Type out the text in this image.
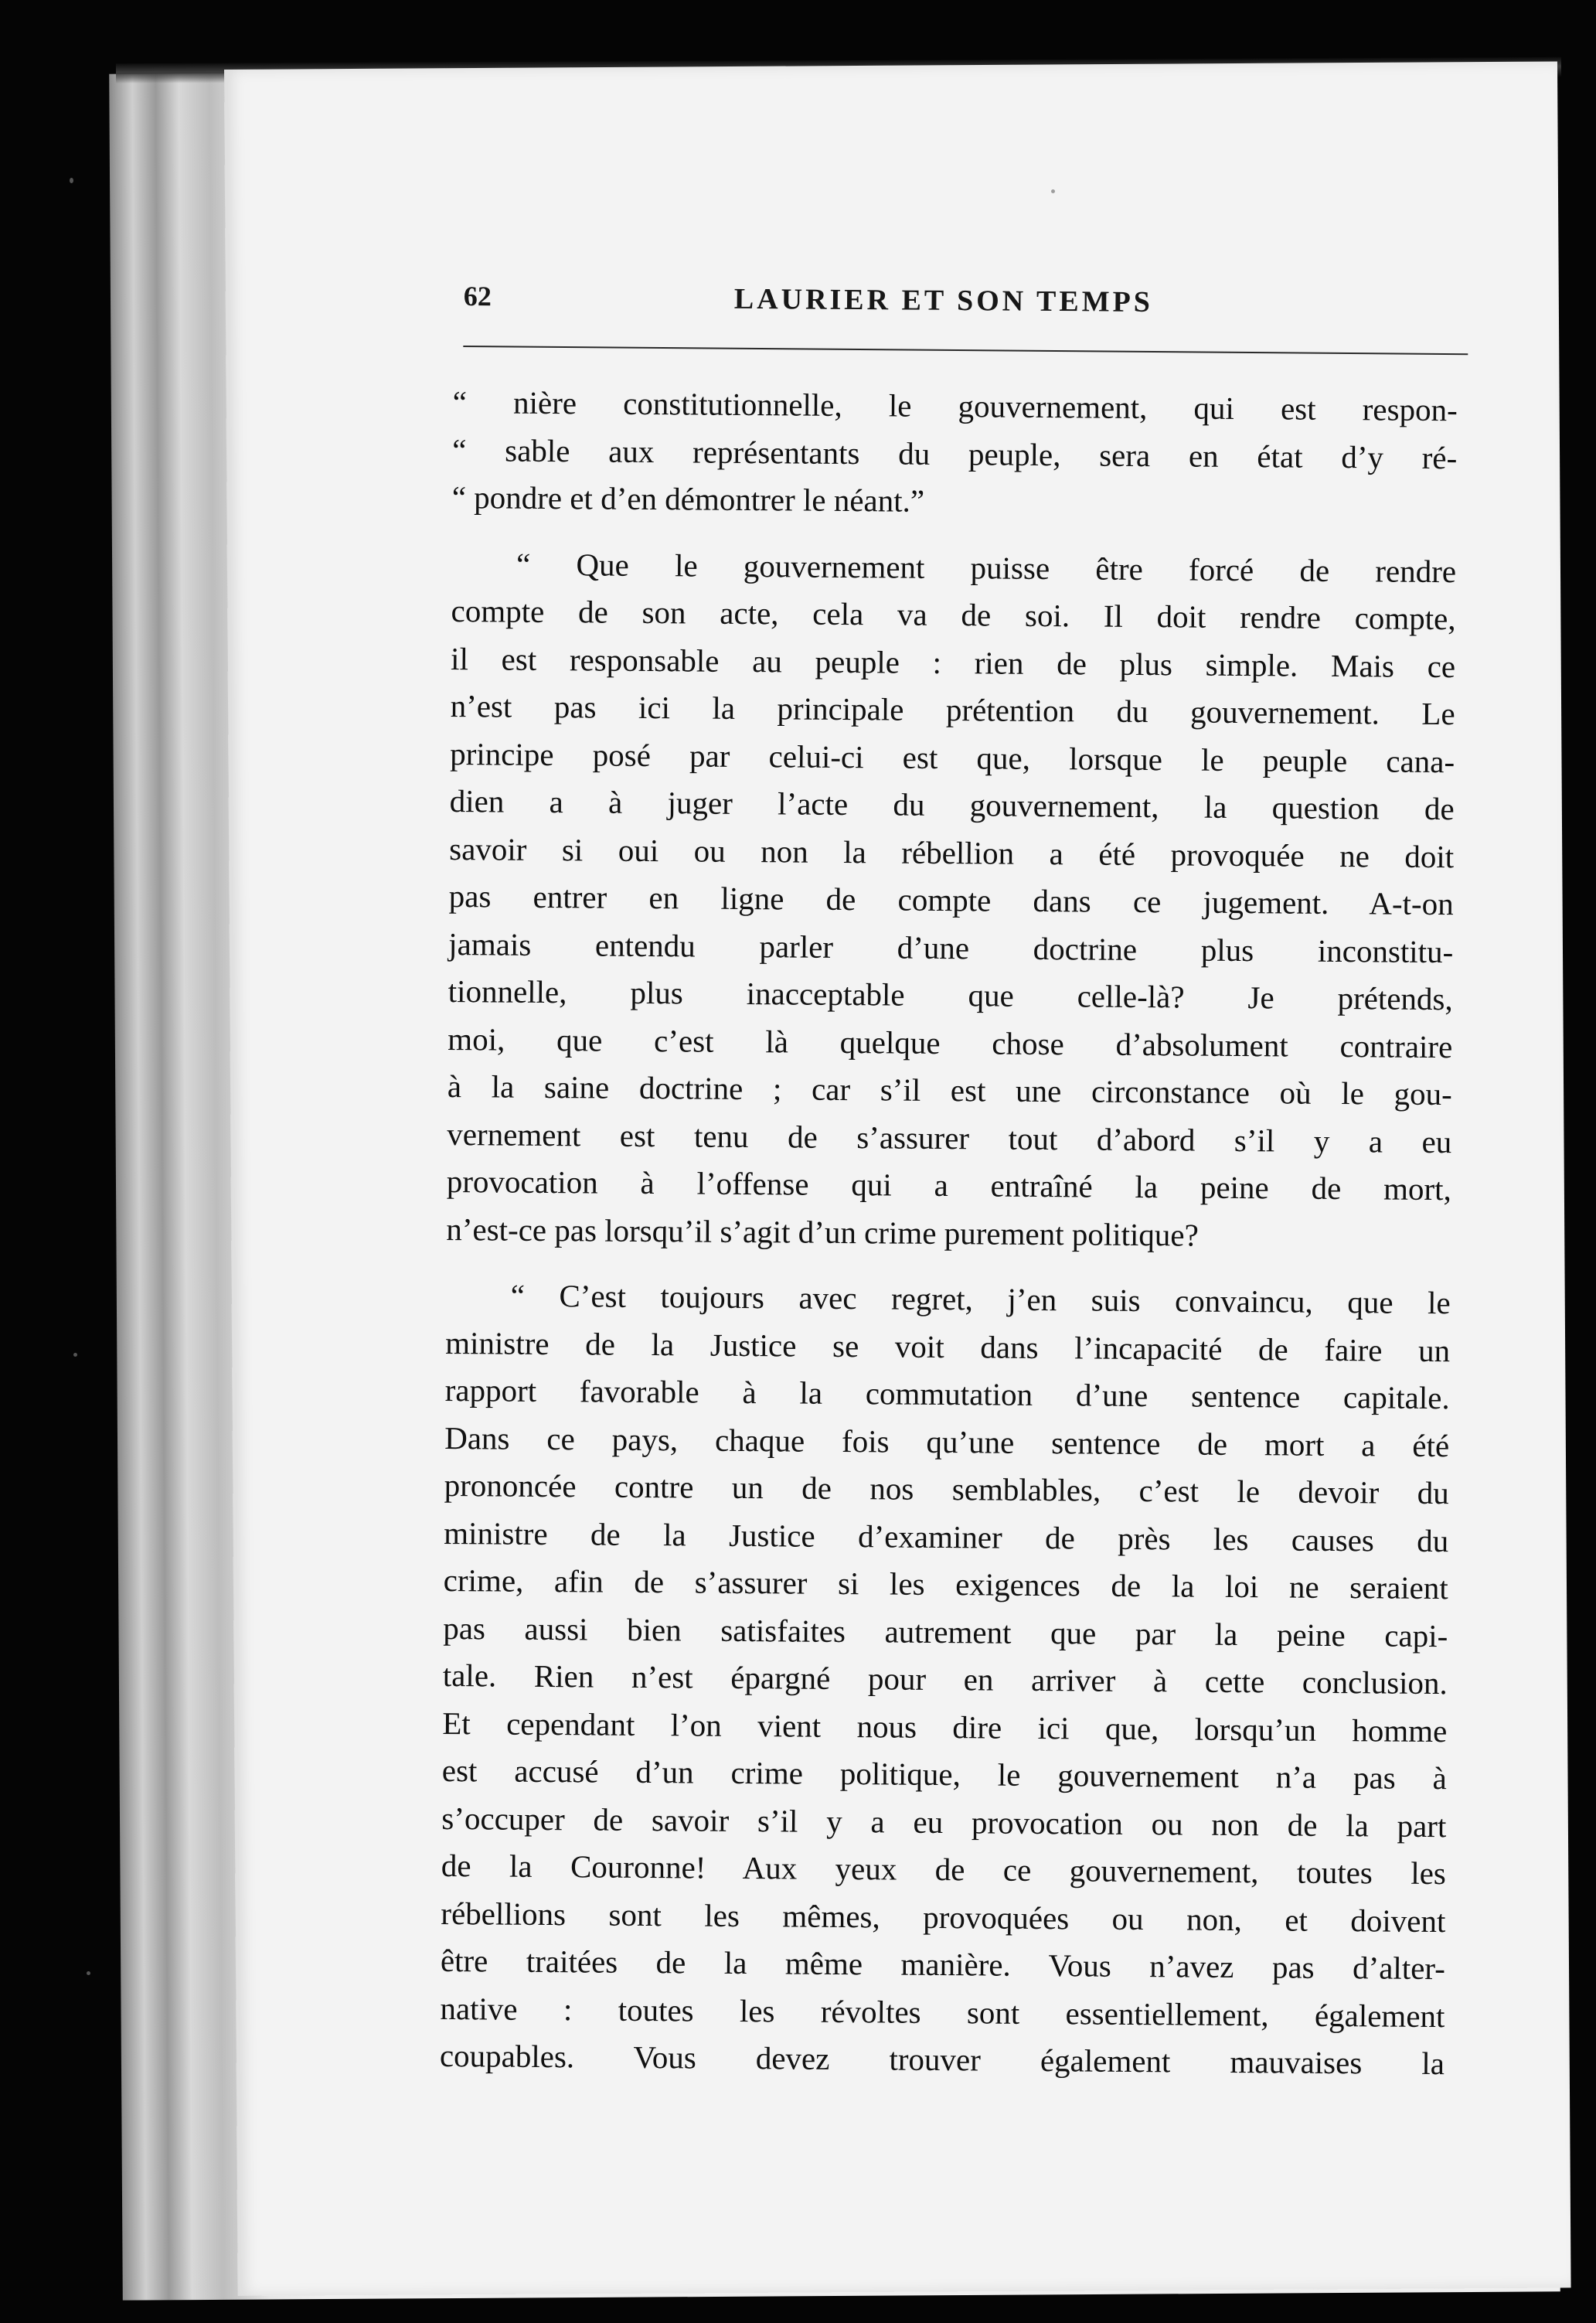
62	LAURIER ET SON TEMPS
“ nière constitutionnelle, le gouvernement, qui est respon-
“ sable aux représentants du peuple, sera en état d’y ré-
“ pondre et d’en démontrer le néant.”
“ Que le gouvernement puisse être forcé de rendre
compte de son acte, cela va de soi. Il doit rendre compte,
il est responsable au peuple : rien de plus simple. Mais ce
n’est pas ici la principale prétention du gouvernement. Le
principe posé par celui-ci est que, lorsque le peuple cana-
dien a à juger l’acte du gouvernement, la question de
savoir si oui ou non la rébellion a été provoquée ne doit
pas entrer en ligne de compte dans ce jugement. A-t-on
jamais entendu parler d’une doctrine plus inconstitu-
tionnelle, plus inacceptable que celle-là? Je prétends,
moi, que c’est là quelque chose d’absolument contraire
à la saine doctrine ; car s’il est une circonstance où le gou-
vernement est tenu de s’assurer tout d’abord s’il y a eu
provocation à l’offense qui a entraîné la peine de mort,
n’est-ce pas lorsqu’il s’agit d’un crime purement politique?
“ C’est toujours avec regret, j’en suis convaincu, que le
ministre de la Justice se voit dans l’incapacité de faire un
rapport favorable à la commutation d’une sentence capitale.
Dans ce pays, chaque fois qu’une sentence de mort a été
prononcée contre un de nos semblables, c’est le devoir du
ministre de la Justice d’examiner de près les causes du
crime, afin de s’assurer si les exigences de la loi ne seraient
pas aussi bien satisfaites autrement que par la peine capi-
tale. Rien n’est épargné pour en arriver à cette conclusion.
Et cependant l’on vient nous dire ici que, lorsqu’un homme
est accusé d’un crime politique, le gouvernement n’a pas à
s’occuper de savoir s’il y a eu provocation ou non de la part
de la Couronne! Aux yeux de ce gouvernement, toutes les
rébellions sont les mêmes, provoquées ou non, et doivent
être traitées de la même manière. Vous n’avez pas d’alter-
native : toutes les révoltes sont essentiellement, également
coupables. Vous devez trouver également mauvaises la
